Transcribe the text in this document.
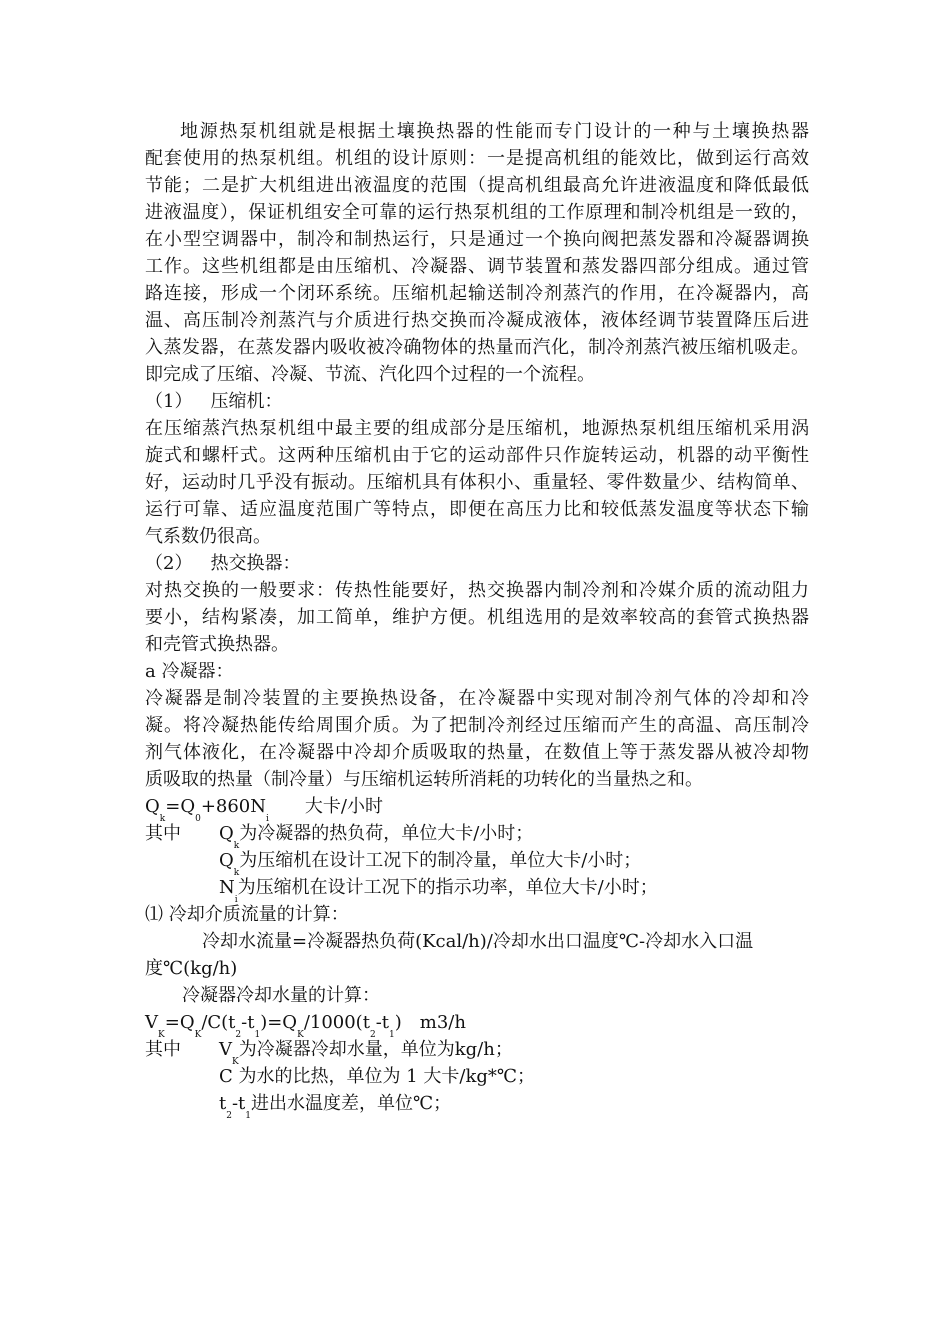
地源热泵机组就是根据土壤换热器的性能而专门设计的一种与土壤换热器
配套使用的热泵机组。机组的设计原则：一是提高机组的能效比，做到运行高效
节能；二是扩大机组进出液温度的范围（提高机组最高允许进液温度和降低最低
进液温度），保证机组安全可靠的运行热泵机组的工作原理和制冷机组是一致的，
在小型空调器中，制冷和制热运行，只是通过一个换向阀把蒸发器和冷凝器调换
工作。这些机组都是由压缩机、冷凝器、调节装置和蒸发器四部分组成。通过管
路连接，形成一个闭环系统。压缩机起输送制冷剂蒸汽的作用，在冷凝器内，高
温、高压制冷剂蒸汽与介质进行热交换而冷凝成液体，液体经调节装置降压后进
入蒸发器，在蒸发器内吸收被冷确物体的热量而汽化，制冷剂蒸汽被压缩机吸走。
即完成了压缩、冷凝、节流、汽化四个过程的一个流程。
（1） 压缩机：
在压缩蒸汽热泵机组中最主要的组成部分是压缩机，地源热泵机组压缩机采用涡
旋式和螺杆式。这两种压缩机由于它的运动部件只作旋转运动，机器的动平衡性
好，运动时几乎没有振动。压缩机具有体积小、重量轻、零件数量少、结构简单、
运行可靠、适应温度范围广等特点，即便在高压力比和较低蒸发温度等状态下输
气系数仍很高。
（2） 热交换器：
对热交换的一般要求：传热性能要好，热交换器内制冷剂和冷媒介质的流动阻力
要小，结构紧凑，加工简单，维护方便。机组选用的是效率较高的套管式换热器
和壳管式换热器。
a 冷凝器：
冷凝器是制冷装置的主要换热设备，在冷凝器中实现对制冷剂气体的冷却和冷
凝。将冷凝热能传给周围介质。为了把制冷剂经过压缩而产生的高温、高压制冷
剂气体液化，在冷凝器中冷却介质吸取的热量，在数值上等于蒸发器从被冷却物
质吸取的热量（制冷量）与压缩机运转所消耗的功转化的当量热之和。
$Q_k=Q_0+860N_i$大卡/小时
其中 $Q_k$为冷凝器的热负荷，单位大卡/小时；
$Q_k$为压缩机在设计工况下的制冷量，单位大卡/小时；
$N_i$为压缩机在设计工况下的指示功率，单位大卡/小时；
⑴ 冷却介质流量的计算：
冷却水流量=冷凝器热负荷(Kcal/h)/冷却水出口温度℃-冷却水入口温
度℃(kg/h)
冷凝器冷却水量的计算：
$V_K=Q_K/C(t_2-t_1)=Q_K/1000(t_2-t_1)$ m3/h
其中 $V_K$为冷凝器冷却水量，单位为kg/h；
C 为水的比热，单位为 1 大卡/kg*℃；
$t_2-t_1$进出水温度差，单位℃；
